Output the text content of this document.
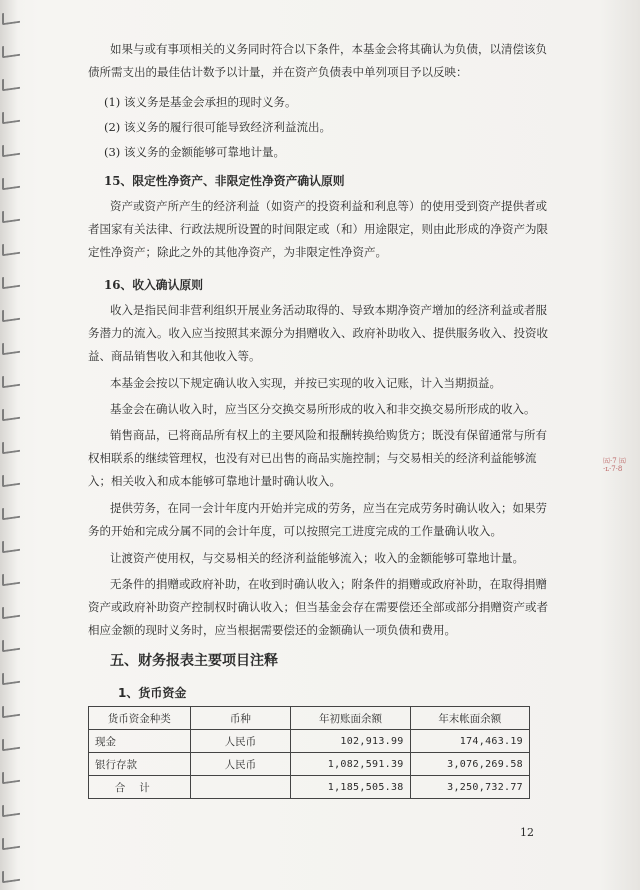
如果与或有事项相关的义务同时符合以下条件，本基金会将其确认为负债，以清偿该负债所需支出的最佳估计数予以计量，并在资产负债表中单列项目予以反映：

(1) 该义务是基金会承担的现时义务。
(2) 该义务的履行很可能导致经济利益流出。
(3) 该义务的金额能够可靠地计量。
15、限定性净资产、非限定性净资产确认原则

资产或资产所产生的经济利益（如资产的投资利益和利息等）的使用受到资产提供者或者国家有关法律、行政法规所设置的时间限定或（和）用途限定，则由此形成的净资产为限定性净资产；除此之外的其他净资产，为非限定性净资产。

16、收入确认原则

收入是指民间非营利组织开展业务活动取得的、导致本期净资产增加的经济利益或者服务潜力的流入。收入应当按照其来源分为捐赠收入、政府补助收入、提供服务收入、投资收益、商品销售收入和其他收入等。

本基金会按以下规定确认收入实现，并按已实现的收入记账，计入当期损益。

基金会在确认收入时，应当区分交换交易所形成的收入和非交换交易所形成的收入。

销售商品，已将商品所有权上的主要风险和报酬转换给购货方；既没有保留通常与所有权相联系的继续管理权，也没有对已出售的商品实施控制；与交易相关的经济利益能够流入；相关收入和成本能够可靠地计量时确认收入。

提供劳务，在同一会计年度内开始并完成的劳务，应当在完成劳务时确认收入；如果劳务的开始和完成分属不同的会计年度，可以按照完工进度完成的工作量确认收入。

让渡资产使用权，与交易相关的经济利益能够流入；收入的金额能够可靠地计量。

无条件的捐赠或政府补助，在收到时确认收入；附条件的捐赠或政府补助，在取得捐赠资产或政府补助资产控制权时确认收入；但当基金会存在需要偿还全部或部分捐赠资产或者相应金额的现时义务时，应当根据需要偿还的金额确认一项负债和费用。

五、财务报表主要项目注释
1、货币资金
货币资金种类	币种	年初账面余额	年末帐面余额
现金	人民币	102,913.99	174,463.19
银行存款	人民币	1,082,591.39	3,076,269.58
合计		1,185,505.38	3,250,732.77
12
㈤·7 ㈤·ʟ·7·8
